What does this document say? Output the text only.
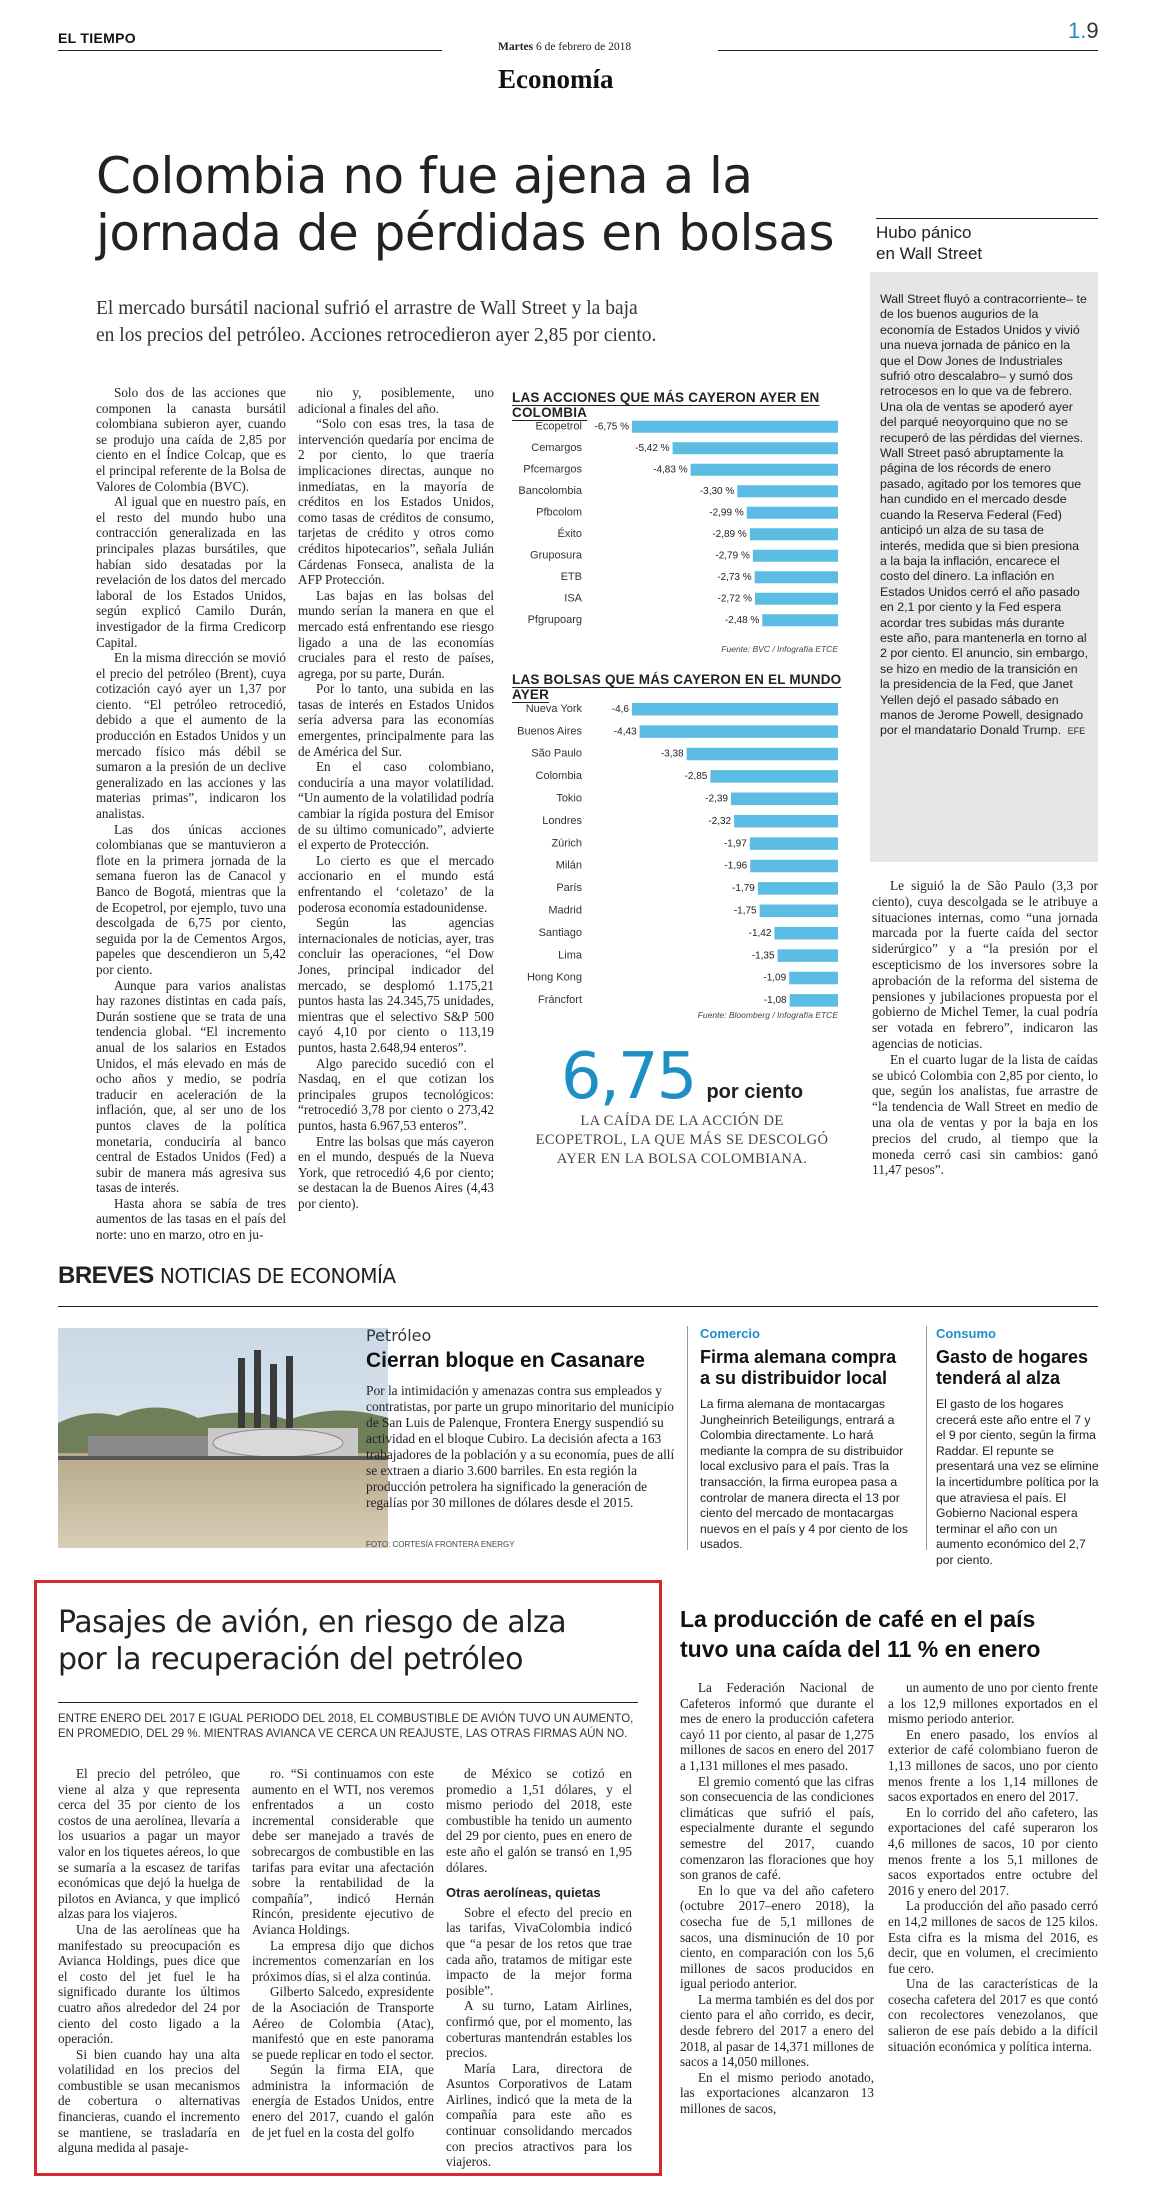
EL TIEMPO
Martes 6 de febrero de 2018
1.9
Economía
Colombia no fue ajena a la
jornada de pérdidas en bolsas
El mercado bursátil nacional sufrió el arrastre de Wall Street y la baja
en los precios del petróleo. Acciones retrocedieron ayer 2,85 por ciento.

Solo dos de las acciones que componen la canasta bursátil colombiana subieron ayer, cuando se produjo una caída de 2,85 por ciento en el Índice Colcap, que es el principal referente de la Bolsa de Valores de Colombia (BVC).

Al igual que en nuestro país, en el resto del mundo hubo una contracción generalizada en las principales plazas bursátiles, que habían sido desatadas por la revelación de los datos del mercado laboral de los Estados Unidos, según explicó Camilo Durán, investigador de la firma Credicorp Capital.

En la misma dirección se movió el precio del petróleo (Brent), cuya cotización cayó ayer un 1,37 por ciento. “El petróleo retrocedió, debido a que el aumento de la producción en Estados Unidos y un mercado físico más débil se sumaron a la presión de un declive generalizado en las acciones y las materias primas”, indicaron los analistas.

Las dos únicas acciones colombianas que se mantuvieron a flote en la primera jornada de la semana fueron las de Canacol y Banco de Bogotá, mientras que la de Ecopetrol, por ejemplo, tuvo una descolgada de 6,75 por ciento, seguida por la de Cementos Argos, papeles que descendieron un 5,42 por ciento.

Aunque para varios analistas hay razones distintas en cada país, Durán sostiene que se trata de una tendencia global. “El incremento anual de los salarios en Estados Unidos, el más elevado en más de ocho años y medio, se podría traducir en aceleración de la inflación, que, al ser uno de los puntos claves de la política monetaria, conduciría al banco central de Estados Unidos (Fed) a subir de manera más agresiva sus tasas de interés.

Hasta ahora se sabía de tres aumentos de las tasas en el país del norte: uno en marzo, otro en ju-

nio y, posiblemente, uno adicional a finales del año.

“Solo con esas tres, la tasa de intervención quedaría por encima de 2 por ciento, lo que traería implicaciones directas, aunque no inmediatas, en la mayoría de créditos en los Estados Unidos, como tasas de créditos de consumo, tarjetas de crédito y otros como créditos hipotecarios”, señala Julián Cárdenas Fonseca, analista de la AFP Protección.

Las bajas en las bolsas del mundo serían la manera en que el mercado está enfrentando ese riesgo ligado a una de las economías cruciales para el resto de países, agrega, por su parte, Durán.

Por lo tanto, una subida en las tasas de interés en Estados Unidos sería adversa para las economías emergentes, principalmente para las de América del Sur.

En el caso colombiano, conduciría a una mayor volatilidad. “Un aumento de la volatilidad podría cambiar la rígida postura del Emisor de su último comunicado”, advierte el experto de Protección.

Lo cierto es que el mercado accionario en el mundo está enfrentando el ‘coletazo’ de la poderosa economía estadounidense.

Según las agencias internacionales de noticias, ayer, tras concluir las operaciones, “el Dow Jones, principal indicador del mercado, se desplomó 1.175,21 puntos hasta las 24.345,75 unidades, mientras que el selectivo S&P 500 cayó 4,10 por ciento o 113,19 puntos, hasta 2.648,94 enteros”.

Algo parecido sucedió con el Nasdaq, en el que cotizan los principales grupos tecnológicos: “retrocedió 3,78 por ciento o 273,42 puntos, hasta 6.967,53 enteros”.

Entre las bolsas que más cayeron en el mundo, después de la Nueva York, que retrocedió 4,6 por ciento; se destacan la de Buenos Aires (4,43 por ciento).

LAS ACCIONES QUE MÁS CAYERON AYER EN COLOMBIA
Ecopetrol -6,75 %
Cemargos	-5,42 %
Pfcemargos	-4,83 %
Bancolombia	-3,30 %
Pfbcolom	-2,99 %
Éxito	-2,89 %
Gruposura	-2,79 %
ETB	-2,73 %
ISA	-2,72 %
Pfgrupoarg	-2,48 %
Fuente: BVC / Infografía ETCE
LAS BOLSAS QUE MÁS CAYERON EN EL MUNDO AYER
Nueva York	-4,6
Buenos Aires	-4,43
São Paulo	-3,38
Colombia	-2,85
Tokio	-2,39
Londres	-2,32
Zúrich	-1,97
Milán	-1,96
París	-1,79
Madrid	-1,75
Santiago	-1,42
Lima	-1,35
Hong Kong	-1,09
Fráncfort	-1,08
Fuente: Bloomberg / Infografía ETCE
6,75 por ciento
LA CAÍDA DE LA ACCIÓN DE
ECOPETROL, LA QUE MÁS SE DESCOLGÓ
AYER EN LA BOLSA COLOMBIANA.
Hubo pánico
en Wall Street
Wall Street fluyó a contracorriente– te de los buenos augurios de la economía de Estados Unidos y vivió una nueva jornada de pánico en la que el Dow Jones de Industriales sufrió otro descalabro– y sumó dos retrocesos en lo que va de febrero. Una ola de ventas se apoderó ayer del parqué neoyorquino que no se recuperó de las pérdidas del viernes. Wall Street pasó abruptamente la página de los récords de enero pasado, agitado por los temores que han cundido en el mercado desde cuando la Reserva Federal (Fed) anticipó un alza de su tasa de interés, medida que si bien presiona a la baja la inflación, encarece el costo del dinero. La inflación en Estados Unidos cerró el año pasado en 2,1 por ciento y la Fed espera acordar tres subidas más durante este año, para mantenerla en torno al 2 por ciento. El anuncio, sin embargo, se hizo en medio de la transición en la presidencia de la Fed, que Janet Yellen dejó el pasado sábado en manos de Jerome Powell, designado por el mandatario Donald Trump. EFE

Le siguió la de São Paulo (3,3 por ciento), cuya descolgada se le atribuye a situaciones internas, como “una jornada marcada por la fuerte caída del sector siderúrgico” y a “la presión por el escepticismo de los inversores sobre la aprobación de la reforma del sistema de pensiones y jubilaciones propuesta por el gobierno de Michel Temer, la cual podría ser votada en febrero”, indicaron las agencias de noticias.

En el cuarto lugar de la lista de caídas se ubicó Colombia con 2,85 por ciento, lo que, según los analistas, fue arrastre de “la tendencia de Wall Street en medio de una ola de ventas y por la baja en los precios del crudo, al tiempo que la moneda cerró casi sin cambios: ganó 11,47 pesos”.

BREVES NOTICIAS DE ECONOMÍA
FOTO: CORTESÍA FRONTERA ENERGY
Petróleo
Cierran bloque en Casanare
Por la intimidación y amenazas contra sus empleados y contratistas, por parte un grupo minoritario del municipio de San Luis de Palenque, Frontera Energy suspendió su actividad en el bloque Cubiro. La decisión afecta a 163 trabajadores de la población y a su economía, pues de allí se extraen a diario 3.600 barriles. En esta región la producción petrolera ha significado la generación de regalías por 30 millones de dólares desde el 2015.
Comercio
Firma alemana compra
a su distribuidor local
La firma alemana de montacargas Jungheinrich Beteiligungs, entrará a Colombia directamente. Lo hará mediante la compra de su distribuidor local exclusivo para el país. Tras la transacción, la firma europea pasa a controlar de manera directa el 13 por ciento del mercado de montacargas nuevos en el país y 4 por ciento de los usados.
Consumo
Gasto de hogares
tenderá al alza
El gasto de los hogares crecerá este año entre el 7 y el 9 por ciento, según la firma Raddar. El repunte se presentará una vez se elimine la incertidumbre política por la que atraviesa el país. El Gobierno Nacional espera terminar el año con un aumento económico del 2,7 por ciento.
Pasajes de avión, en riesgo de alza
por la recuperación del petróleo
ENTRE ENERO DEL 2017 E IGUAL PERIODO DEL 2018, EL COMBUSTIBLE DE AVIÓN TUVO UN AUMENTO,
EN PROMEDIO, DEL 29 %. MIENTRAS AVIANCA VE CERCA UN REAJUSTE, LAS OTRAS FIRMAS AÚN NO.

El precio del petróleo, que viene al alza y que representa cerca del 35 por ciento de los costos de una aerolínea, llevaría a los usuarios a pagar un mayor valor en los tiquetes aéreos, lo que se sumaría a la escasez de tarifas económicas que dejó la huelga de pilotos en Avianca, y que implicó alzas para los viajeros.

Una de las aerolíneas que ha manifestado su preocupación es Avianca Holdings, pues dice que el costo del jet fuel le ha significado durante los últimos cuatro años alrededor del 24 por ciento del costo ligado a la operación.

Si bien cuando hay una alta volatilidad en los precios del combustible se usan mecanismos de cobertura o alternativas financieras, cuando el incremento se mantiene, se trasladaría en alguna medida al pasaje-

ro. “Si continuamos con este aumento en el WTI, nos veremos enfrentados a un costo incremental considerable que debe ser manejado a través de sobrecargos de combustible en las tarifas para evitar una afectación sobre la rentabilidad de la compañía”, indicó Hernán Rincón, presidente ejecutivo de Avianca Holdings.

La empresa dijo que dichos incrementos comenzarían en los próximos días, si el alza continúa.

Gilberto Salcedo, expresidente de la Asociación de Transporte Aéreo de Colombia (Atac), manifestó que en este panorama se puede replicar en todo el sector.

Según la firma EIA, que administra la información de energía de Estados Unidos, entre enero del 2017, cuando el galón de jet fuel en la costa del golfo

de México se cotizó en promedio a 1,51 dólares, y el mismo periodo del 2018, este combustible ha tenido un aumento del 29 por ciento, pues en enero de este año el galón se transó en 1,95 dólares.

Otras aerolíneas, quietas

Sobre el efecto del precio en las tarifas, VivaColombia indicó que “a pesar de los retos que trae cada año, tratamos de mitigar este impacto de la mejor forma posible”.

A su turno, Latam Airlines, confirmó que, por el momento, las coberturas mantendrán estables los precios.

María Lara, directora de Asuntos Corporativos de Latam Airlines, indicó que la meta de la compañía para este año es continuar consolidando mercados con precios atractivos para los viajeros.

La producción de café en el país
tuvo una caída del 11 % en enero

La Federación Nacional de Cafeteros informó que durante el mes de enero la producción cafetera cayó 11 por ciento, al pasar de 1,275 millones de sacos en enero del 2017 a 1,131 millones el mes pasado.

El gremio comentó que las cifras son consecuencia de las condiciones climáticas que sufrió el país, especialmente durante el segundo semestre del 2017, cuando comenzaron las floraciones que hoy son granos de café.

En lo que va del año cafetero (octubre 2017–enero 2018), la cosecha fue de 5,1 millones de sacos, una disminución de 10 por ciento, en comparación con los 5,6 millones de sacos producidos en igual periodo anterior.

La merma también es del dos por ciento para el año corrido, es decir, desde febrero del 2017 a enero del 2018, al pasar de 14,371 millones de sacos a 14,050 millones.

En el mismo periodo anotado, las exportaciones alcanzaron 13 millones de sacos,

un aumento de uno por ciento frente a los 12,9 millones exportados en el mismo periodo anterior.

En enero pasado, los envíos al exterior de café colombiano fueron de 1,13 millones de sacos, uno por ciento menos frente a los 1,14 millones de sacos exportados en enero del 2017.

En lo corrido del año cafetero, las exportaciones del café superaron los 4,6 millones de sacos, 10 por ciento menos frente a los 5,1 millones de sacos exportados entre octubre del 2016 y enero del 2017.

La producción del año pasado cerró en 14,2 millones de sacos de 125 kilos. Esta cifra es la misma del 2016, es decir, que en volumen, el crecimiento fue cero.

Una de las características de la cosecha cafetera del 2017 es que contó con recolectores venezolanos, que salieron de ese país debido a la difícil situación económica y política interna.
